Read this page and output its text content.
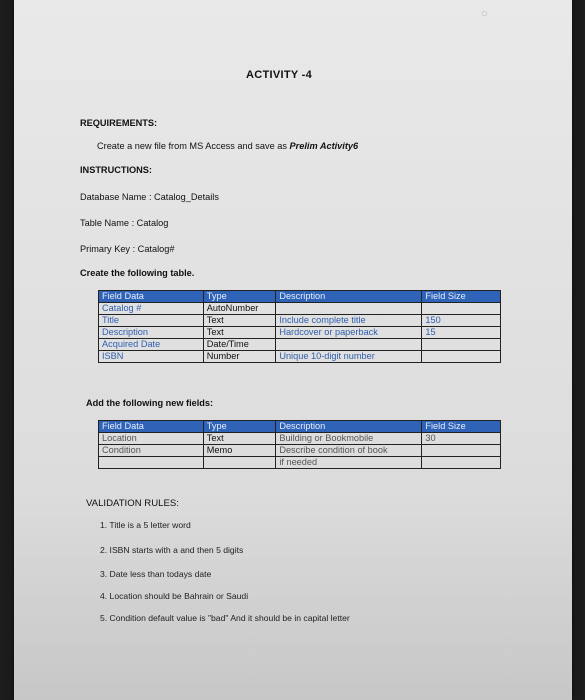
○
ACTIVITY -4
REQUIREMENTS:
Create a new file from MS Access and save as Prelim Activity6
INSTRUCTIONS:
Database Name : Catalog_Details
Table Name : Catalog
Primary Key : Catalog#
Create the following table.
Field Data	Type	Description	Field Size
Catalog #	AutoNumber		
Title	Text	Include complete title	150
Description	Text	Hardcover or paperback	15
Acquired Date	Date/Time		
ISBN	Number	Unique 10-digit number	
Add the following new fields:
Field Data	Type	Description	Field Size
Location	Text	Building or Bookmobile	30
Condition	Memo	Describe condition of book	
		if needed	
VALIDATION RULES:
1. Title is a 5 letter word
2. ISBN starts with a and then 5 digits
3. Date less than todays date
4. Location should be Bahrain or Saudi
5. Condition default value is "bad" And it should be in capital letter
